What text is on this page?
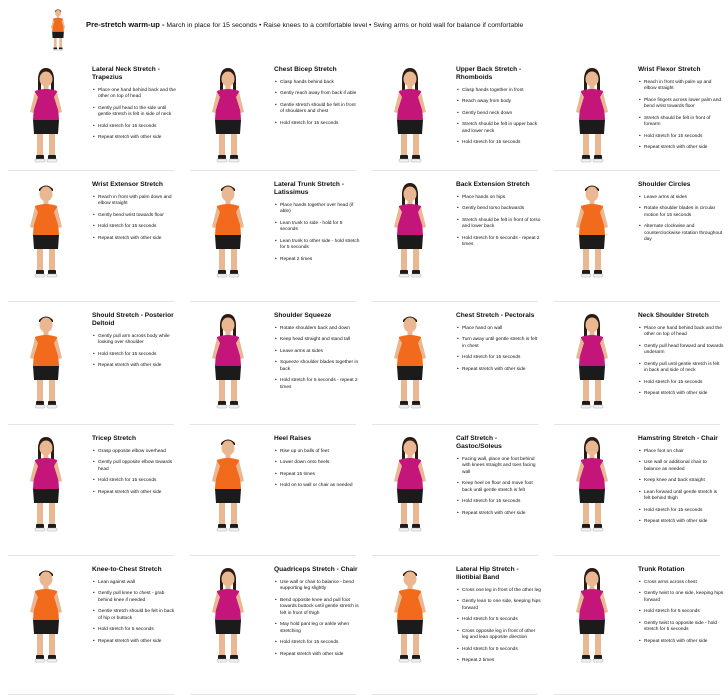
Pre-stretch warm-up - March in place for 15 seconds • Raise knees to a comfortable level • Swing arms or hold wall for balance if comfortable
Lateral Neck Stretch - Trapezius
• Place one hand behind back and the other on top of head
• Gently pull head to the side until gentle stretch is felt in side of neck
• Hold stretch for 15 seconds
• Repeat stretch with other side
Chest Bicep Stretch
• Clasp hands behind back
• Gently reach away from back if able
• Gentle stretch should be felt in front of shoulders and chest
• Hold stretch for 15 seconds
Upper Back Stretch - Rhomboids
• Clasp hands together in front
• Reach away from body
• Gently bend neck down
• Stretch should be felt in upper back and lower neck
• Hold stretch for 15 seconds
Wrist Flexor Stretch
• Reach in front with palm up and elbow straight
• Place fingers across lower palm and bend wrist towards floor
• Stretch should be felt in front of forearm
• Hold stretch for 15 seconds
• Repeat stretch with other side
Wrist Extensor Stretch
• Reach in front with palm down and elbow straight
• Gently bend wrist towards floor
• Hold stretch for 15 seconds
• Repeat stretch with other side
Lateral Trunk Stretch - Latissimus
• Place hands together over head (if able)
• Lean trunk to side - hold for 5 seconds
• Lean trunk to other side - hold stretch for 5 seconds
• Repeat 2 times
Back Extension Stretch
• Place hands on hips
• Gently bend torso backwards
• Stretch should be felt in front of torso and lower back
• Hold stretch for 5 seconds - repeat 2 times
Shoulder Circles
• Leave arms at sides
• Rotate shoulder blades in circular motion for 15 seconds
• Alternate clockwise and counterclockwise rotation throughout day
Should Stretch - Posterior Deltoid
• Gently pull arm across body while looking over shoulder
• Hold stretch for 15 seconds
• Repeat stretch with other side
Shoulder Squeeze
• Rotate shoulders back and down
• Keep head straight and stand tall
• Leave arms at sides
• Squeeze shoulder blades together in back
• Hold stretch for 5 seconds - repeat 2 times
Chest Stretch - Pectorals
• Place hand on wall
• Turn away until gentle stretch is felt in chest
• Hold stretch for 15 seconds
• Repeat stretch with other side
Neck Shoulder Stretch
• Place one hand behind back and the other on top of head
• Gently pull head forward and towards underarm
• Gently pull until gentle stretch is felt in back and side of neck
• Hold stretch for 15 seconds
• Repeat stretch with other side
Tricep Stretch
• Grasp opposite elbow overhead
• Gently pull opposite elbow towards head
• Hold stretch for 15 seconds
• Repeat stretch with other side
Heel Raises
• Rise up on balls of feet
• Lower down onto heels
• Repeat 15 times
• Hold on to wall or chair as needed
Calf Stretch - Gastoc/Soleus
• Facing wall, place one foot behind with knees straight and toes facing wall
• Keep heel on floor and move foot back until gentle stretch is felt
• Hold stretch for 15 seconds
• Repeat stretch with other side
Hamstring Stretch - Chair
• Place foot on chair
• Use wall or additional chair to balance as needed
• Keep knee and back straight
• Lean forward until gentle stretch is felt behind thigh
• Hold stretch for 15 seconds
• Repeat stretch with other side
Knee-to-Chest Stretch
• Lean against wall
• Gently pull knee to chest - grab behind knee if needed
• Gentle stretch should be felt in back of hip or buttock
• Hold stretch for 5 seconds
• Repeat stretch with other side
Quadriceps Stretch - Chair
• Use wall or chair to balance - bend supporting leg slightly
• Bend opposite knee and pull foot towards buttock until gentle stretch is felt in front of thigh
• May hold pant leg or ankle when stretching
• Hold stretch for 15 seconds
• Repeat stretch with other side
Lateral Hip Stretch - Iliotibial Band
• Cross one leg in front of the other leg
• Gently lean to one side, keeping hips forward
• Hold stretch for 5 seconds
• Cross opposite leg in front of other leg and lean opposite direction
• Hold stretch for 5 seconds
• Repeat 2 times
Trunk Rotation
• Cross arms across chest
• Gently twist to one side, keeping hips forward
• Hold stretch for 5 seconds
• Gently twist to opposite side - hold stretch for 5 seconds
• Repeat stretch with other side
